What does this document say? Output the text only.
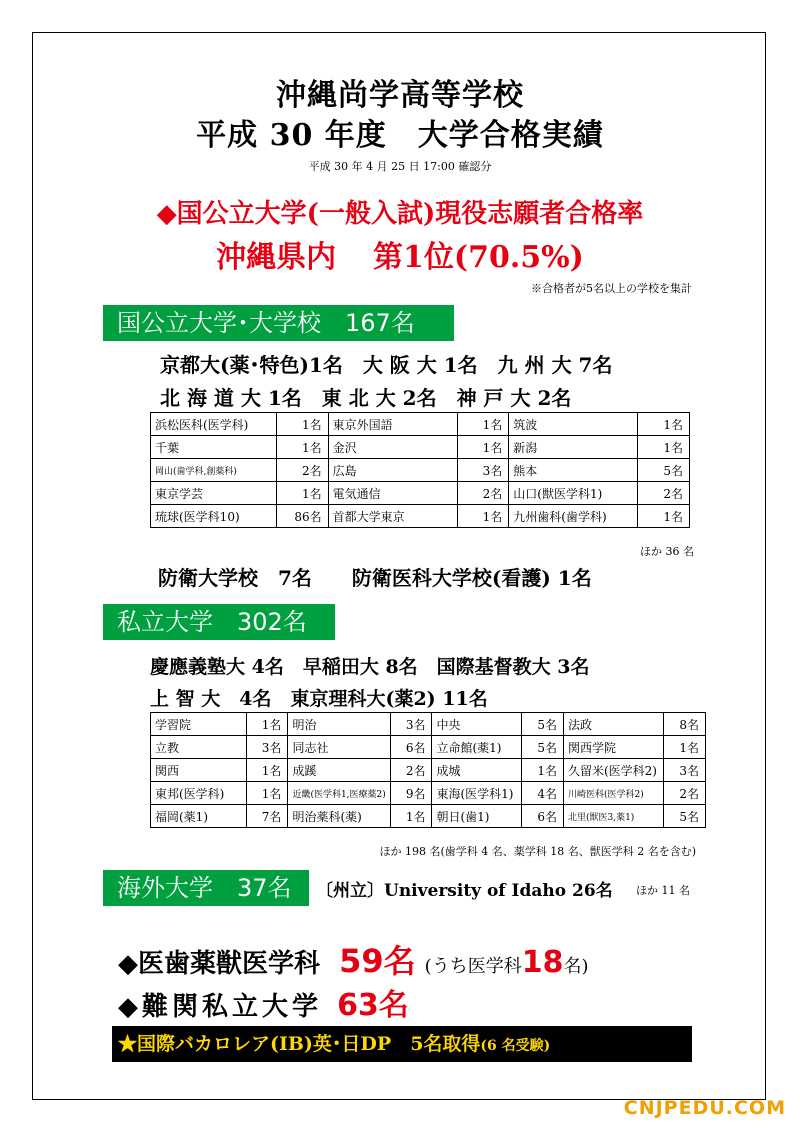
沖縄尚学高等学校
平成 30 年度　大学合格実績
平成 30 年 4 月 25 日 17:00 確認分
◆国公立大学(一般入試)現役志願者合格率
沖縄県内 第1位(70.5%)
※合格者が5名以上の学校を集計
国公立大学･大学校　167名
京都大(薬･特色)1名　大 阪 大 1名　九 州 大 7名
北 海 道 大 1名　東 北 大 2名　神 戸 大 2名
浜松医科(医学科)	1名	東京外国語	1名	筑波	1名
千葉	1名	金沢	1名	新潟	1名
岡山(歯学科,創薬科)	2名	広島	3名	熊本	5名
東京学芸	1名	電気通信	2名	山口(獣医学科1)	2名
琉球(医学科10)	86名	首都大学東京	1名	九州歯科(歯学科)	1名
ほか 36 名
防衛大学校　7名　　防衛医科大学校(看護) 1名
私立大学　302名
慶應義塾大 4名　早稲田大 8名　国際基督教大 3名
上 智 大　4名　東京理科大(薬2) 11名
学習院	1名	明治	3名	中央	5名	法政	8名
立教	3名	同志社	6名	立命館(薬1)	5名	関西学院	1名
関西	1名	成蹊	2名	成城	1名	久留米(医学科2)	3名
東邦(医学科)	1名	近畿(医学科1,医療薬2)	9名	東海(医学科1)	4名	川崎医科(医学科2)	2名
福岡(薬1)	7名	明治薬科(薬)	1名	朝日(歯1)	6名	北里(獣医3,薬1)	5名
ほか 198 名(歯学科 4 名、薬学科 18 名、獣医学科 2 名を含む)
海外大学　37名	〔州立〕University of Idaho 26名 ほか 11 名
◆医歯薬獣医学科 59名 (うち医学科18名)
◆難関私立大学 63名
★国際バカロレア(IB)英･日DP　5名取得(6 名受験)
CNJPEDU.COM
